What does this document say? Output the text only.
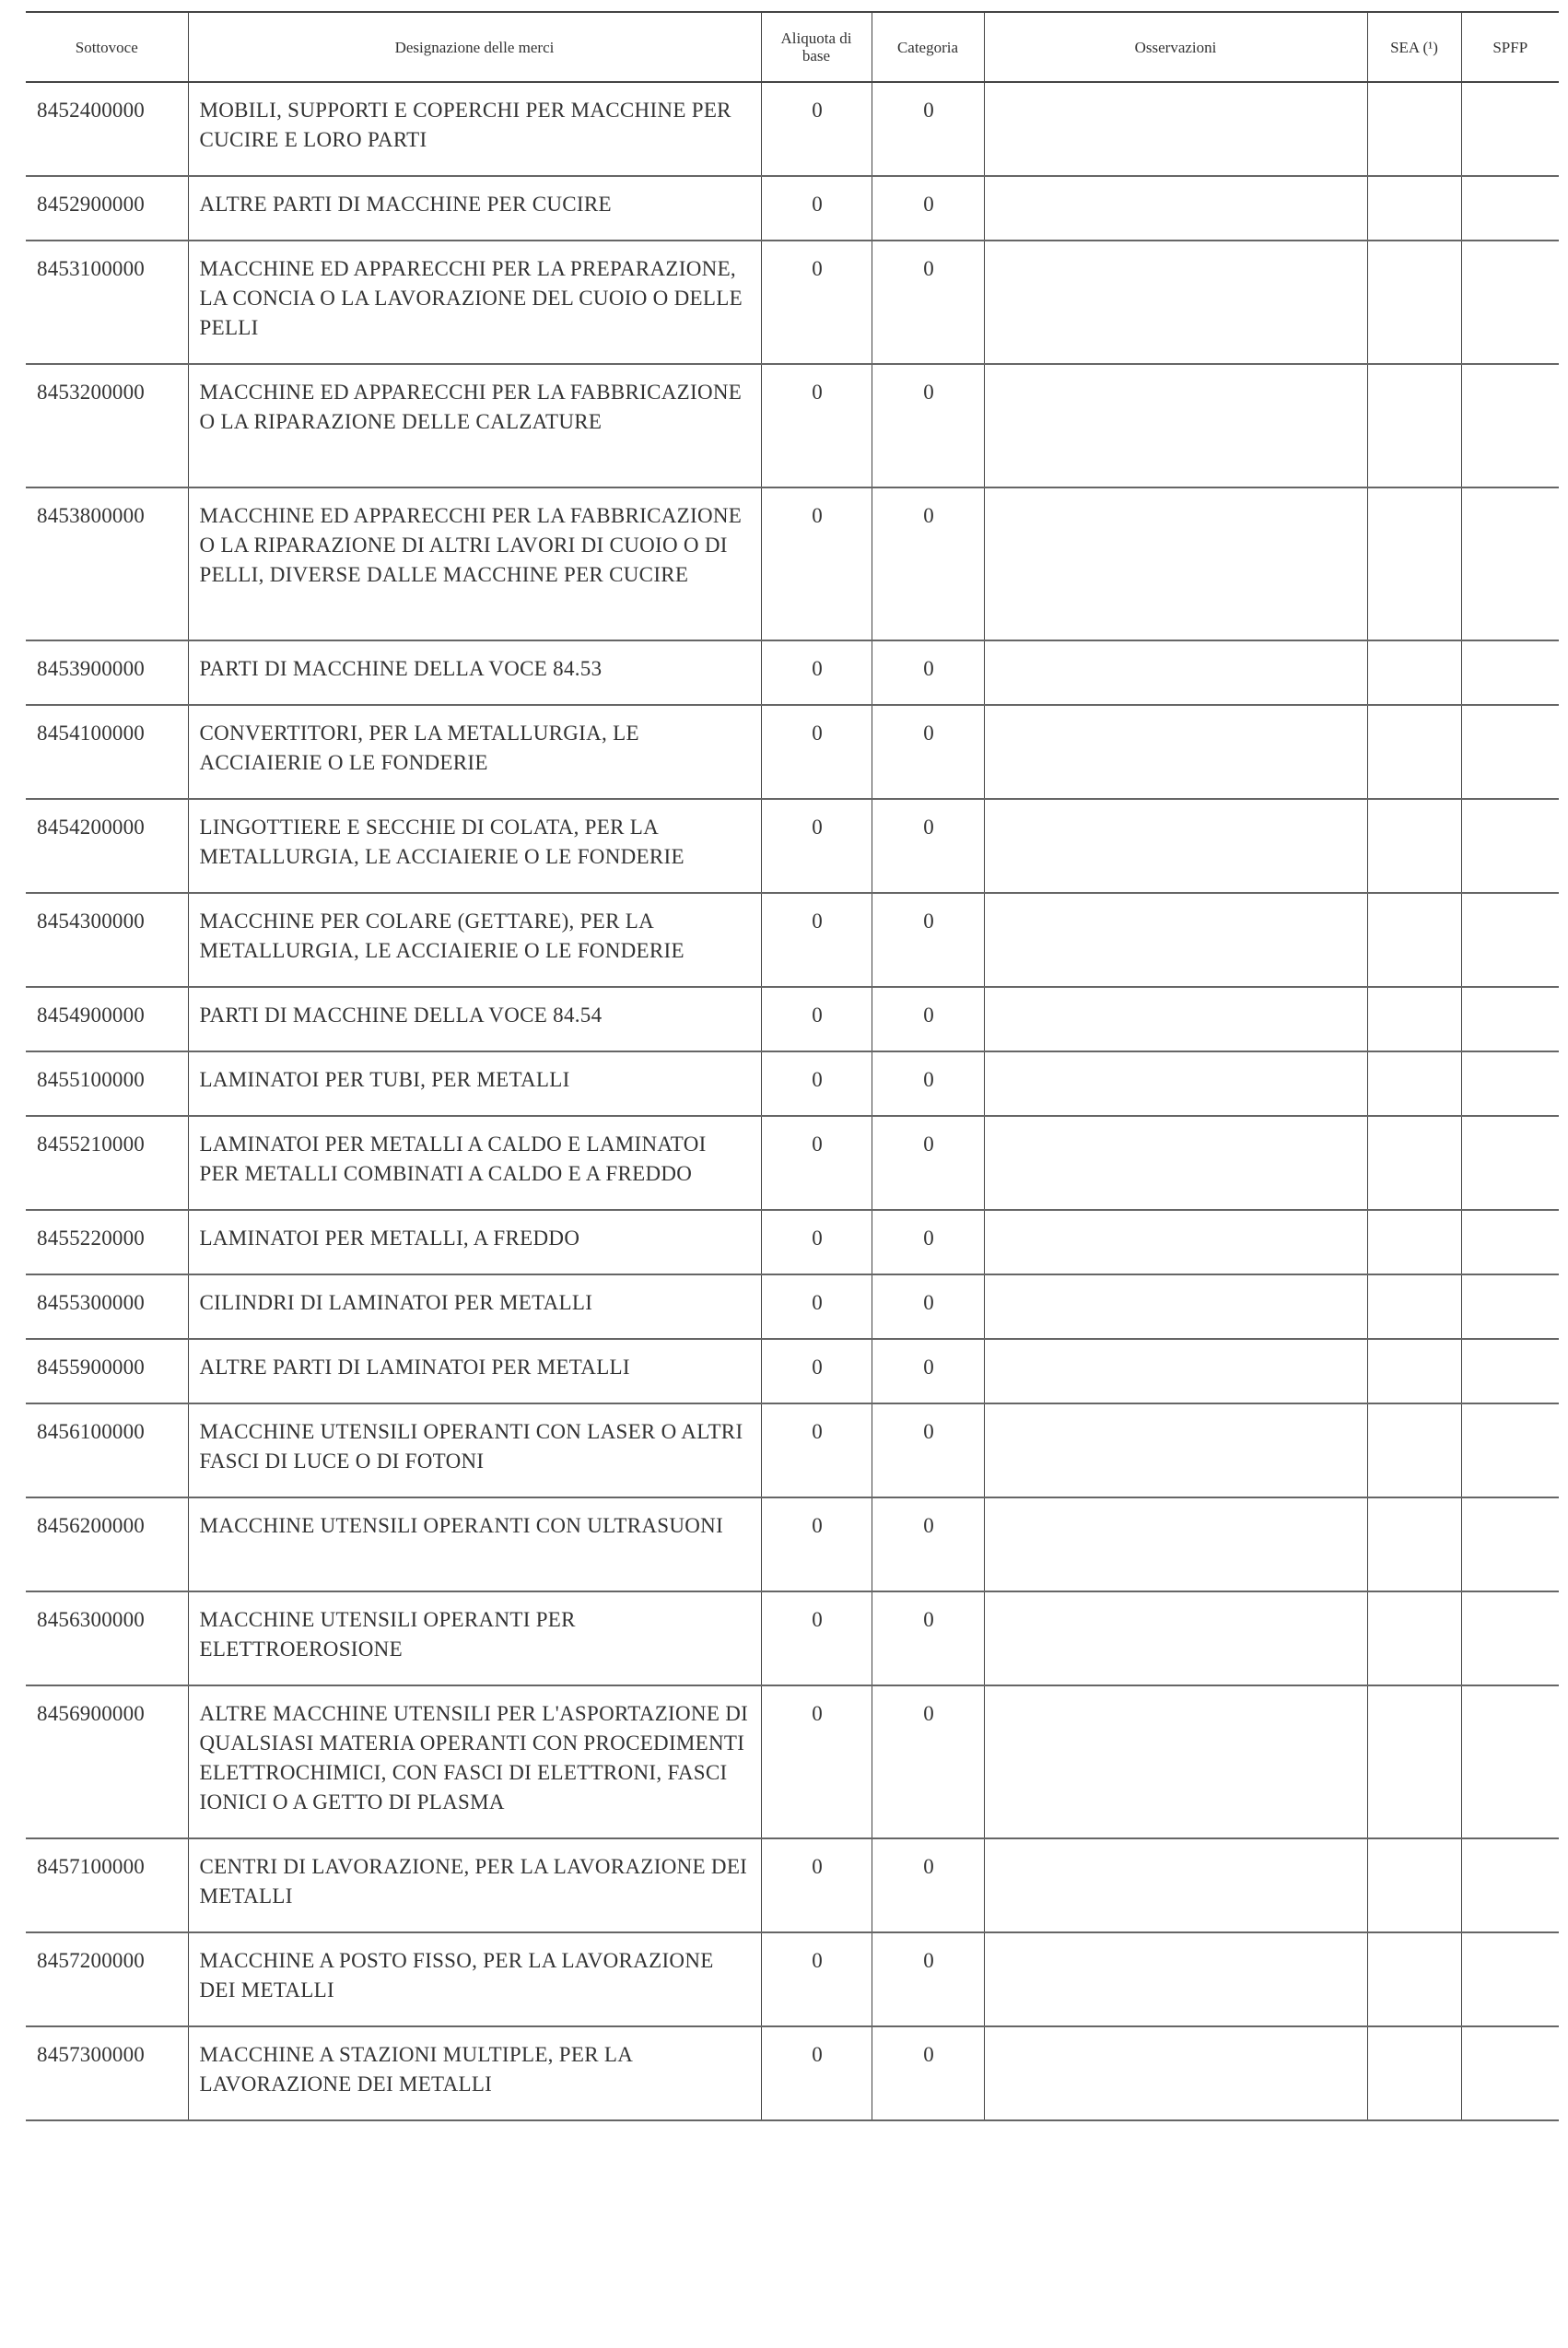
Sottovoce	Designazione delle merci	Aliquota di base	Categoria	Osservazioni	SEA (¹)	SPFP
8452400000	MOBILI, SUPPORTI E COPERCHI PER MACCHINE PER CUCIRE E LORO PARTI	0	0			
8452900000	ALTRE PARTI DI MACCHINE PER CUCIRE	0	0			
8453100000	MACCHINE ED APPARECCHI PER LA PREPARAZIONE, LA CONCIA O LA LAVORAZIONE DEL CUOIO O DELLE PELLI	0	0			
8453200000	MACCHINE ED APPARECCHI PER LA FABBRICAZIONE O LA RIPARAZIONE DELLE CALZATURE	0	0			
8453800000	MACCHINE ED APPARECCHI PER LA FABBRICAZIONE O LA RIPARAZIONE DI ALTRI LAVORI DI CUOIO O DI PELLI, DIVERSE DALLE MACCHINE PER CUCIRE	0	0			
8453900000	PARTI DI MACCHINE DELLA VOCE 84.53	0	0			
8454100000	CONVERTITORI, PER LA METALLURGIA, LE ACCIAIERIE O LE FONDERIE	0	0			
8454200000	LINGOTTIERE E SECCHIE DI COLATA, PER LA METALLURGIA, LE ACCIAIERIE O LE FONDERIE	0	0			
8454300000	MACCHINE PER COLARE (GETTARE), PER LA METALLURGIA, LE ACCIAIERIE O LE FONDERIE	0	0			
8454900000	PARTI DI MACCHINE DELLA VOCE 84.54	0	0			
8455100000	LAMINATOI PER TUBI, PER METALLI	0	0			
8455210000	LAMINATOI PER METALLI A CALDO E LAMINATOI PER METALLI COMBINATI A CALDO E A FREDDO	0	0			
8455220000	LAMINATOI PER METALLI, A FREDDO	0	0			
8455300000	CILINDRI DI LAMINATOI PER METALLI	0	0			
8455900000	ALTRE PARTI DI LAMINATOI PER METALLI	0	0			
8456100000	MACCHINE UTENSILI OPERANTI CON LASER O ALTRI FASCI DI LUCE O DI FOTONI	0	0			
8456200000	MACCHINE UTENSILI OPERANTI CON ULTRASUONI	0	0			
8456300000	MACCHINE UTENSILI OPERANTI PER ELETTROEROSIONE	0	0			
8456900000	ALTRE MACCHINE UTENSILI PER L'ASPORTAZIONE DI QUALSIASI MATERIA OPERANTI CON PROCEDIMENTI ELETTROCHIMICI, CON FASCI DI ELETTRONI, FASCI IONICI O A GETTO DI PLASMA	0	0			
8457100000	CENTRI DI LAVORAZIONE, PER LA LAVORAZIONE DEI METALLI	0	0			
8457200000	MACCHINE A POSTO FISSO, PER LA LAVORAZIONE DEI METALLI	0	0			
8457300000	MACCHINE A STAZIONI MULTIPLE, PER LA LAVORAZIONE DEI METALLI	0	0			
